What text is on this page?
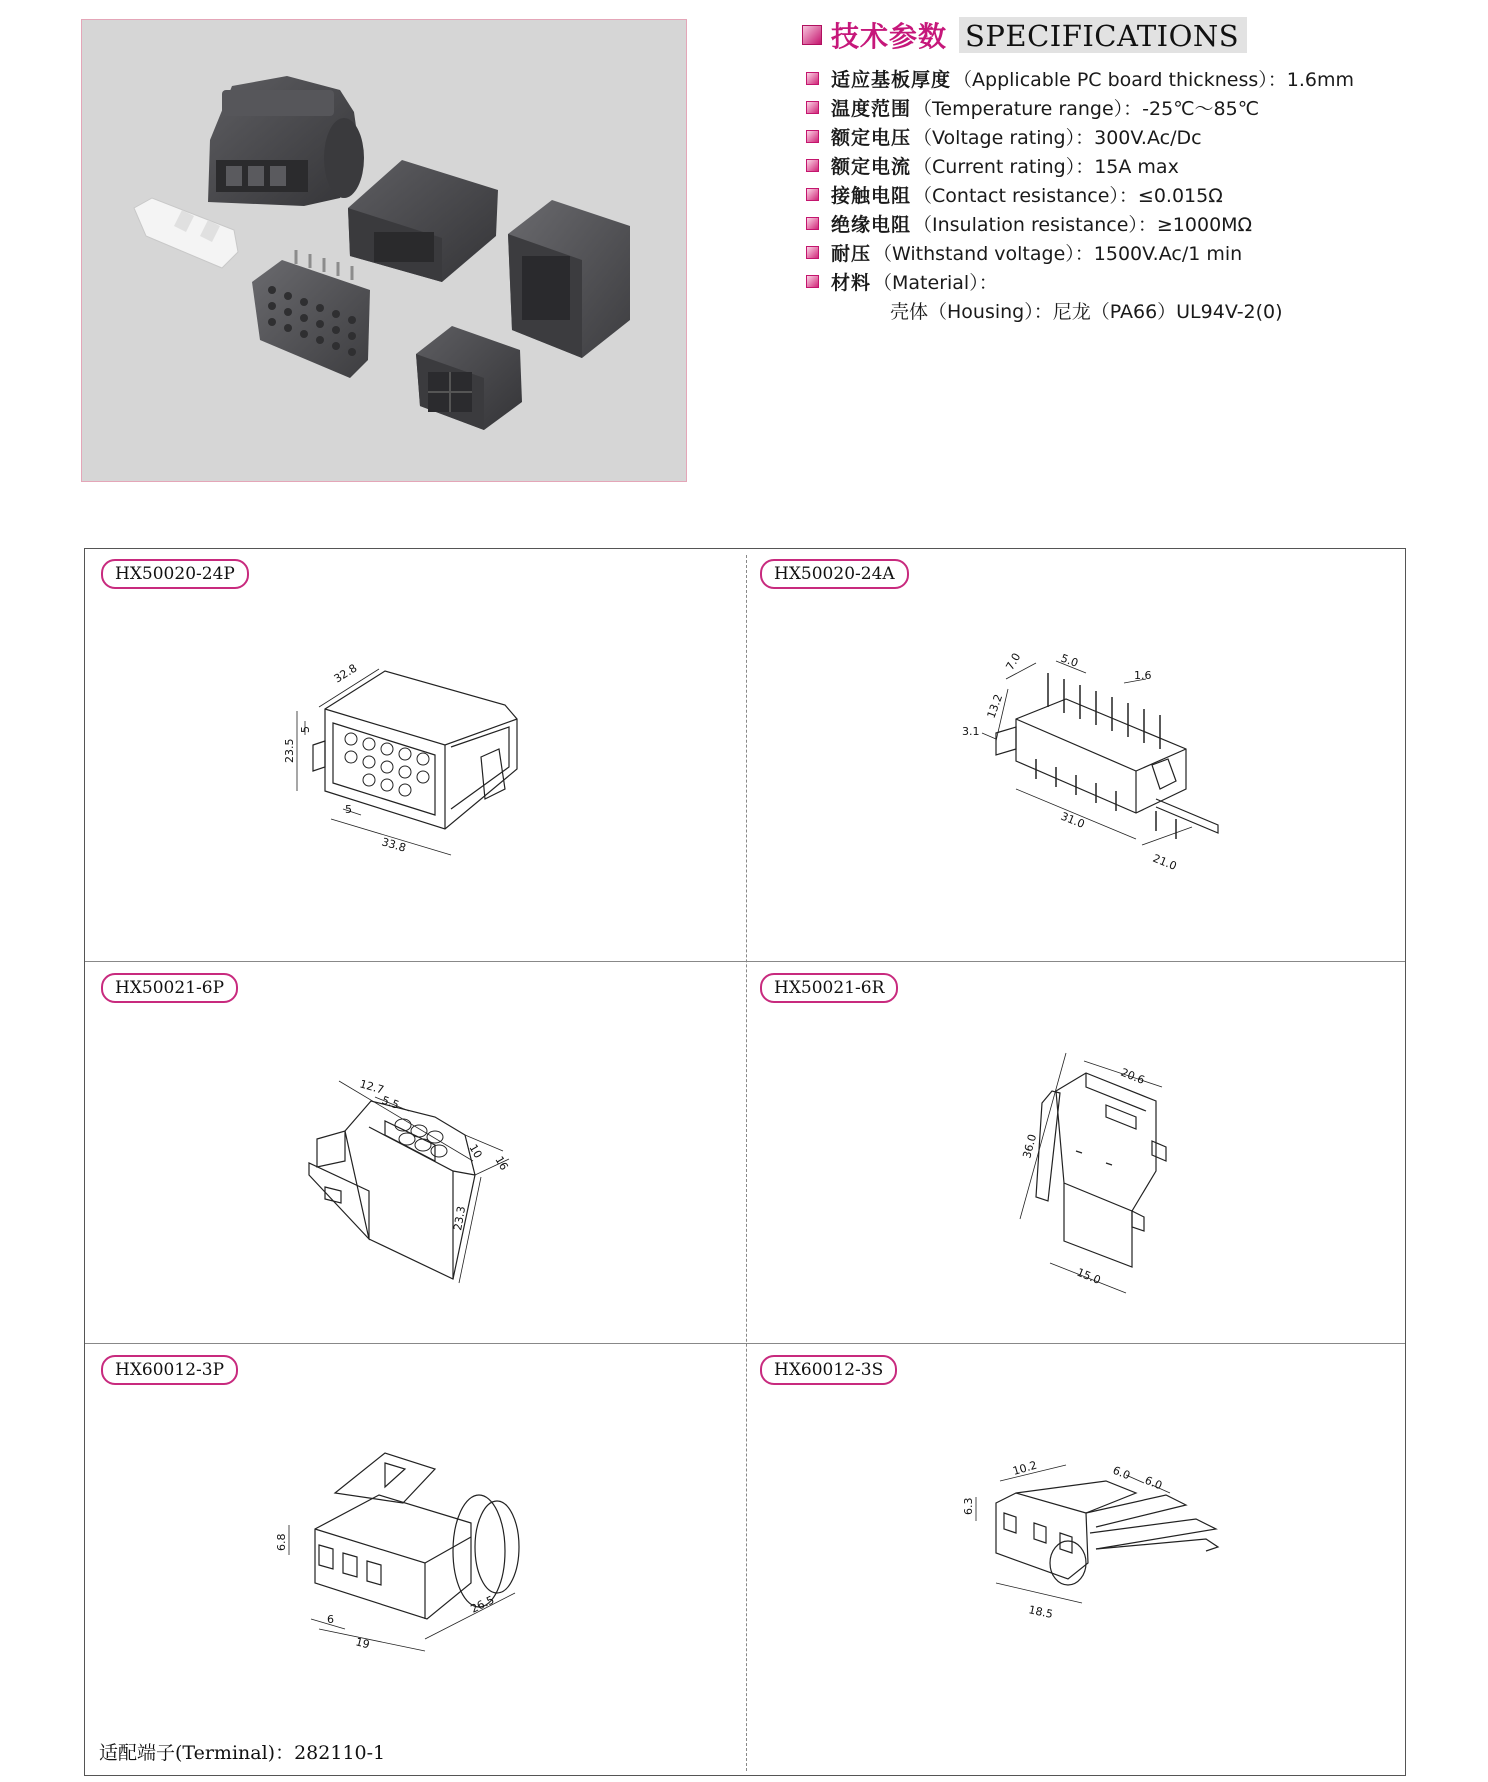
技术参数 SPECIFICATIONS
适应基板厚度 （Applicable PC board thickness）：1.6mm
温度范围 （Temperature range）：-25℃～85℃
额定电压 （Voltage rating）：300V.Ac/Dc
额定电流 （Current rating）：15A max
接触电阻 （Contact resistance）：≤0.015Ω
绝缘电阻 （Insulation resistance）：≥1000MΩ
耐压 （Withstand voltage）：1500V.Ac/1 min
材料 （Material）：
壳体（Housing）：尼龙（PA66）UL94V-2(0)
HX50020-24P
32.8
23.5
5
5
33.8
HX50020-24A
7.0	5.0
13.2
1.6
3.1
31.0
21.0
HX50021-6P
12.7
5.5
10
16
23.3
HX50021-6R
36.0
20.6
15.0
HX60012-3P
6.8
6
19
26.5
HX60012-3S
6.3
10.2	6.0
6.0
18.5
适配端子(Terminal)：282110-1
